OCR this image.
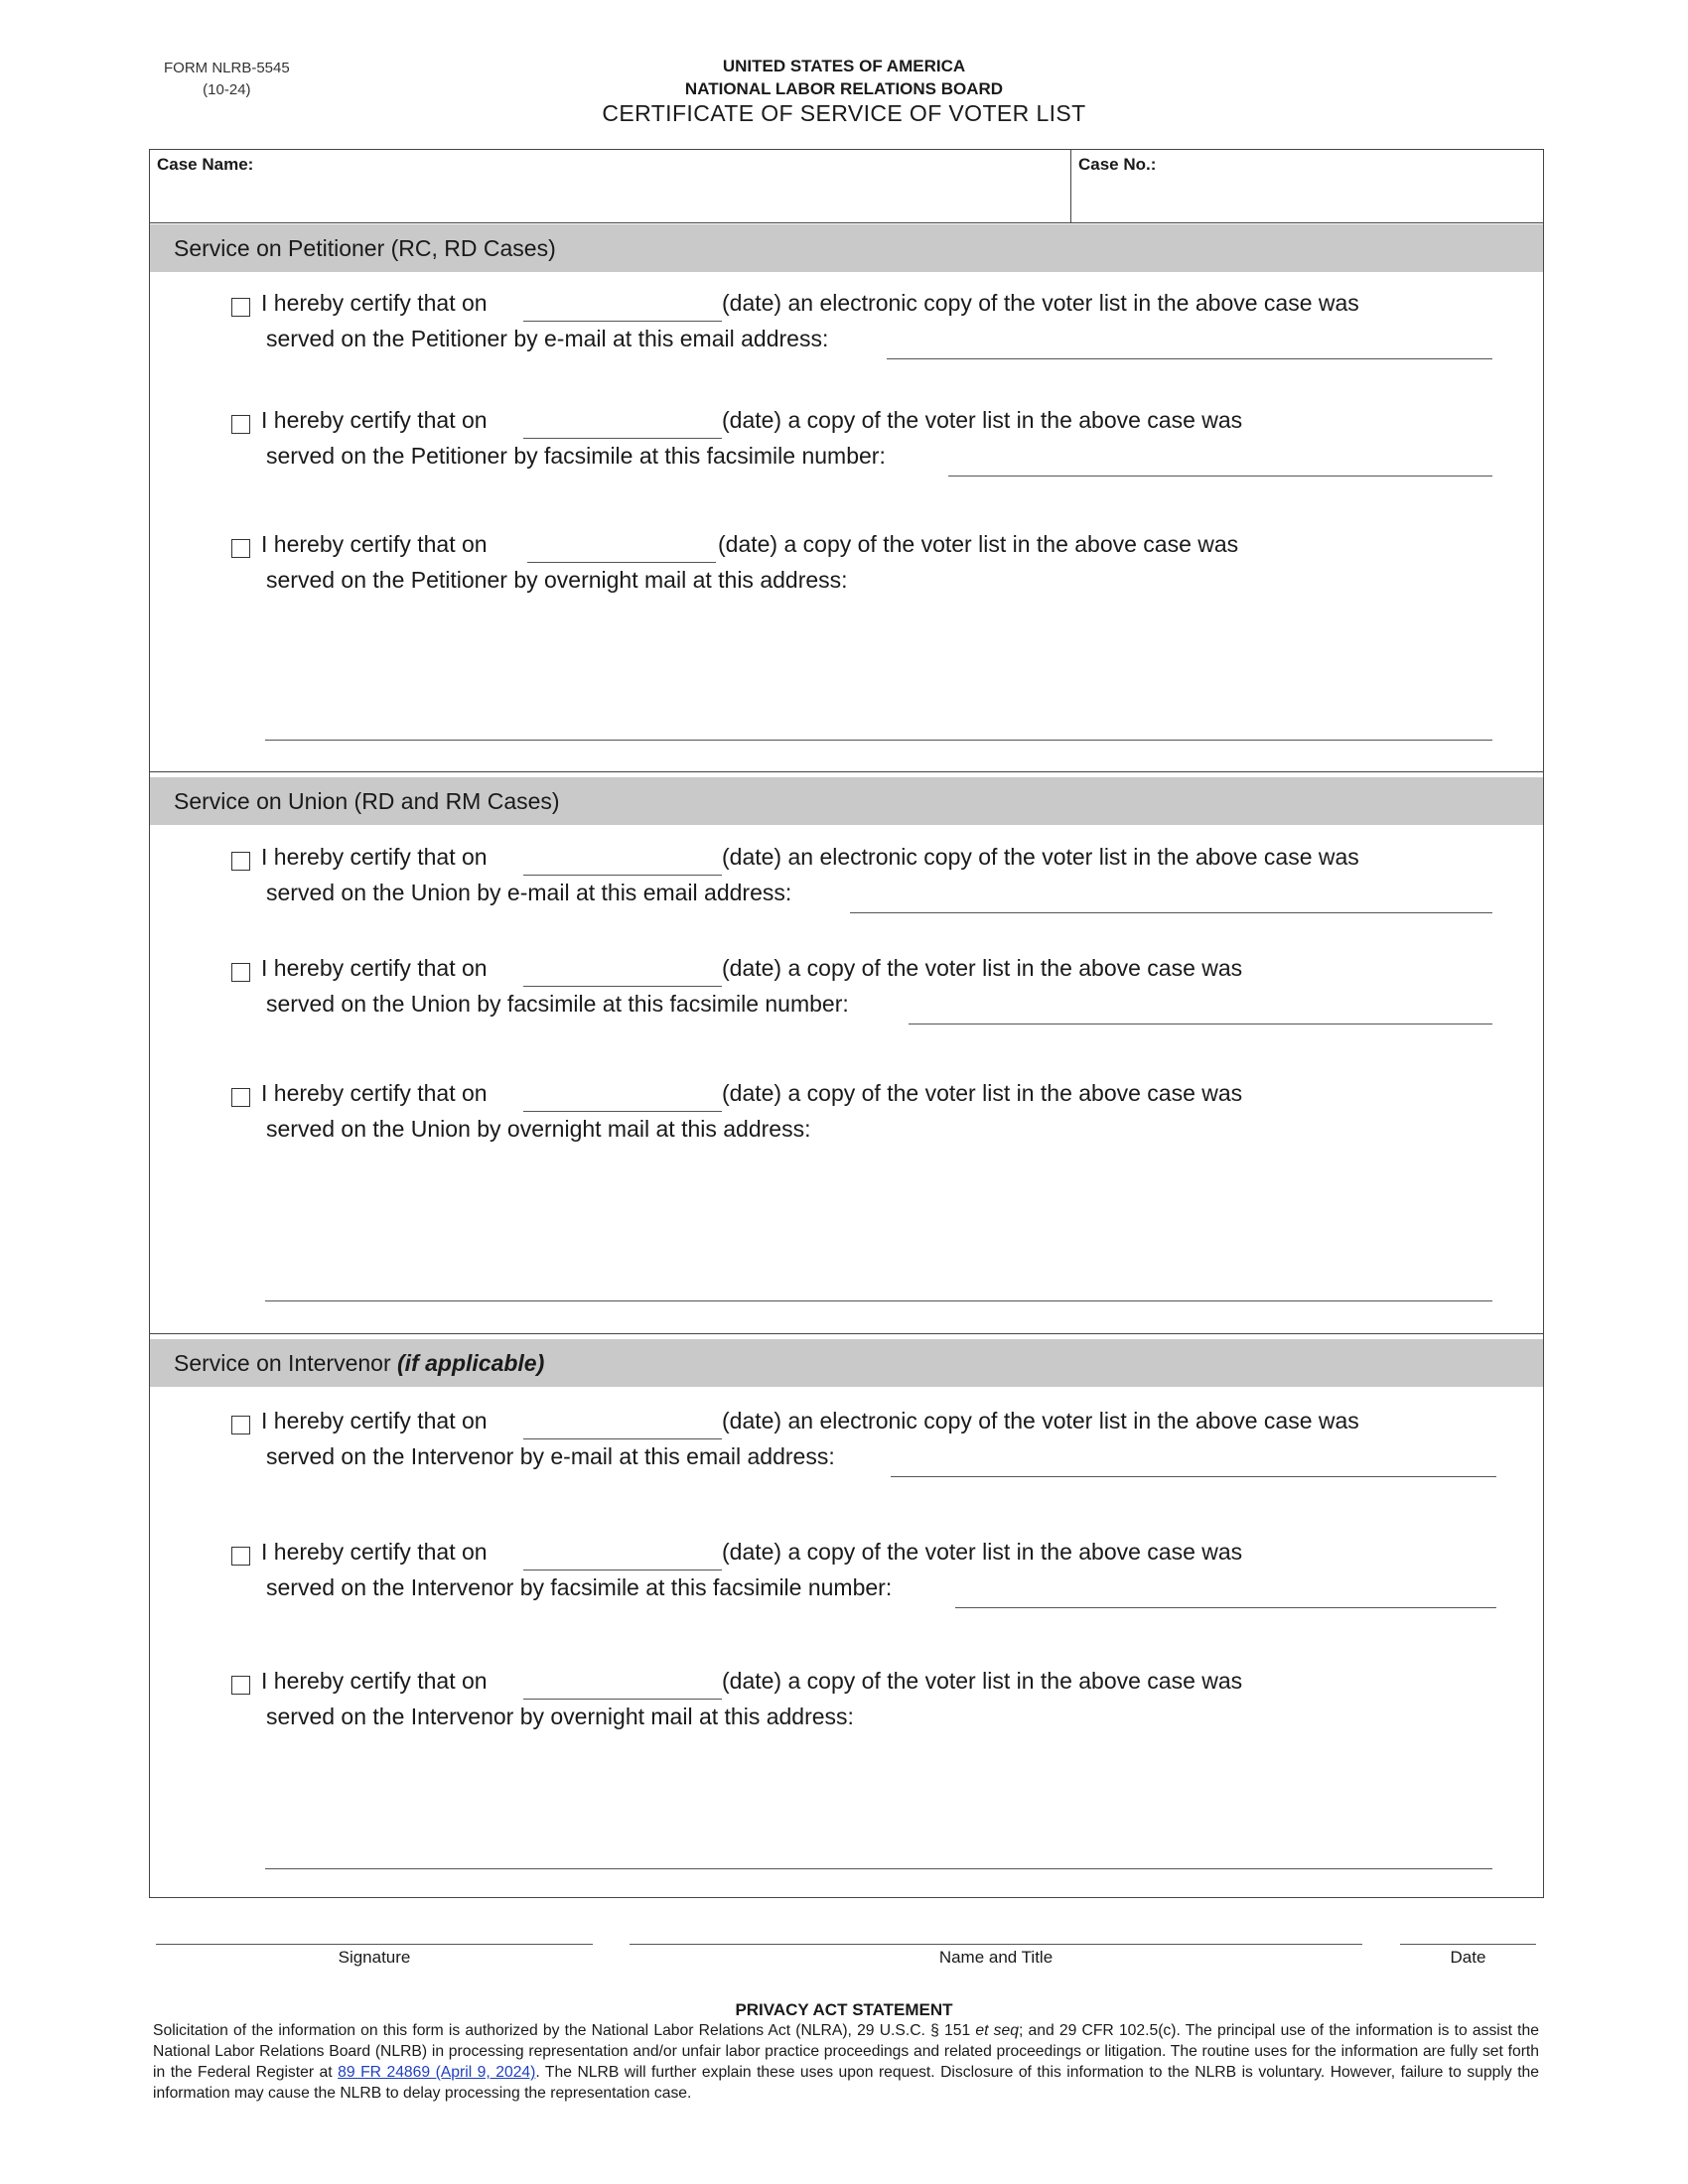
FORM NLRB-5545
(10-24)
UNITED STATES OF AMERICA
NATIONAL LABOR RELATIONS BOARD
CERTIFICATE OF SERVICE OF VOTER LIST
Case Name:	Case No.:
Service on Petitioner (RC, RD Cases)
I hereby certify that on	(date) an electronic copy of the voter list in the above case was
served on the Petitioner by e-mail at this email address:
I hereby certify that on	(date) a copy of the voter list in the above case was
served on the Petitioner by facsimile at this facsimile number:
I hereby certify that on	(date) a copy of the voter list in the above case was
served on the Petitioner by overnight mail at this address:
Service on Union (RD and RM Cases)
I hereby certify that on	(date) an electronic copy of the voter list in the above case was
served on the Union by e-mail at this email address:
I hereby certify that on	(date) a copy of the voter list in the above case was
served on the Union by facsimile at this facsimile number:
I hereby certify that on	(date) a copy of the voter list in the above case was
served on the Union by overnight mail at this address:
Service on Intervenor (if applicable)
I hereby certify that on	(date) an electronic copy of the voter list in the above case was
served on the Intervenor by e-mail at this email address:
I hereby certify that on	(date) a copy of the voter list in the above case was
served on the Intervenor by facsimile at this facsimile number:
I hereby certify that on	(date) a copy of the voter list in the above case was
served on the Intervenor by overnight mail at this address:
Signature	Name and Title	Date
PRIVACY ACT STATEMENT
Solicitation of the information on this form is authorized by the National Labor Relations Act (NLRA), 29 U.S.C. § 151 et seq; and 29 CFR 102.5(c). The principal use of the information is to assist the National Labor Relations Board (NLRB) in processing representation and/or unfair labor practice proceedings and related proceedings or litigation. The routine uses for the information are fully set forth in the Federal Register at 89 FR 24869 (April 9, 2024). The NLRB will further explain these uses upon request. Disclosure of this information to the NLRB is voluntary. However, failure to supply the information may cause the NLRB to delay processing the representation case.
